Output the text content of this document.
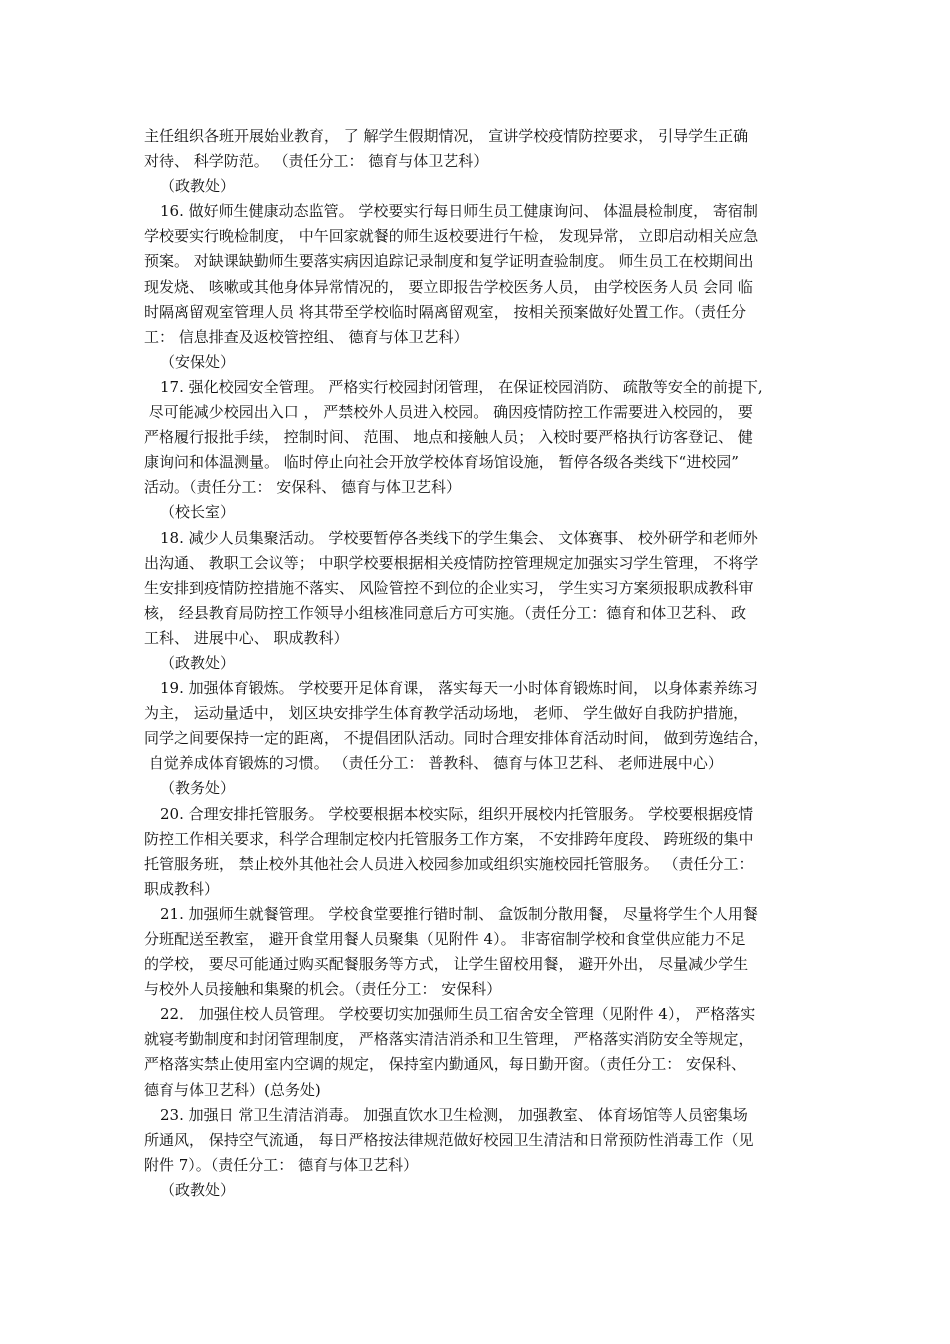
主任组织各班开展始业教育， 了 解学生假期情况， 宣讲学校疫情防控要求， 引导学生正确
对待、 科学防范。 （责任分工： 德育与体卫艺科）
（政教处）
16. 做好师生健康动态监管。 学校要实行每日师生员工健康询问、 体温晨检制度， 寄宿制
学校要实行晚检制度， 中午回家就餐的师生返校要进行午检， 发现异常， 立即启动相关应急
预案。 对缺课缺勤师生要落实病因追踪记录制度和复学证明查验制度。 师生员工在校期间出
现发烧、 咳嗽或其他身体异常情况的， 要立即报告学校医务人员， 由学校医务人员 会同 临
时隔离留观室管理人员 将其带至学校临时隔离留观室， 按相关预案做好处置工作。（责任分
工： 信息排查及返校管控组、 德育与体卫艺科）
（安保处）
17. 强化校园安全管理。 严格实行校园封闭管理， 在保证校园消防、 疏散等安全的前提下,
尽可能减少校园出入口 ， 严禁校外人员进入校园。 确因疫情防控工作需要进入校园的， 要
严格履行报批手续， 控制时间、 范围、 地点和接触人员； 入校时要严格执行访客登记、 健
康询问和体温测量。 临时停止向社会开放学校体育场馆设施， 暂停各级各类线下“进校园”
活动。（责任分工： 安保科、 德育与体卫艺科）
（校长室）
18. 减少人员集聚活动。 学校要暂停各类线下的学生集会、 文体赛事、 校外研学和老师外
出沟通、 教职工会议等； 中职学校要根据相关疫情防控管理规定加强实习学生管理， 不将学
生安排到疫情防控措施不落实、 风险管控不到位的企业实习， 学生实习方案须报职成教科审
核， 经县教育局防控工作领导小组核准同意后方可实施。（责任分工：德育和体卫艺科、 政
工科、 进展中心、 职成教科）
（政教处）
19. 加强体育锻炼。 学校要开足体育课， 落实每天一小时体育锻炼时间， 以身体素养练习
为主， 运动量适中， 划区块安排学生体育教学活动场地， 老师、 学生做好自我防护措施，
同学之间要保持一定的距离， 不提倡团队活动。同时合理安排体育活动时间， 做到劳逸结合，
自觉养成体育锻炼的习惯。 （责任分工： 普教科、 德育与体卫艺科、 老师进展中心）
（教务处）
20. 合理安排托管服务。 学校要根据本校实际，组织开展校内托管服务。 学校要根据疫情
防控工作相关要求，科学合理制定校内托管服务工作方案， 不安排跨年度段、 跨班级的集中
托管服务班， 禁止校外其他社会人员进入校园参加或组织实施校园托管服务。 （责任分工：
职成教科）
21. 加强师生就餐管理。 学校食堂要推行错时制、 盒饭制分散用餐， 尽量将学生个人用餐
分班配送至教室， 避开食堂用餐人员聚集（见附件 4）。 非寄宿制学校和食堂供应能力不足
的学校， 要尽可能通过购买配餐服务等方式， 让学生留校用餐， 避开外出， 尽量减少学生
与校外人员接触和集聚的机会。（责任分工： 安保科）
22． 加强住校人员管理。 学校要切实加强师生员工宿舍安全管理（见附件 4）， 严格落实
就寝考勤制度和封闭管理制度， 严格落实清洁消杀和卫生管理， 严格落实消防安全等规定，
严格落实禁止使用室内空调的规定， 保持室内勤通风，每日勤开窗。（责任分工： 安保科、
德育与体卫艺科）(总务处)
23. 加强日 常卫生清洁消毒。 加强直饮水卫生检测， 加强教室、 体育场馆等人员密集场
所通风， 保持空气流通， 每日严格按法律规范做好校园卫生清洁和日常预防性消毒工作（见
附件 7）。（责任分工： 德育与体卫艺科）
（政教处）
